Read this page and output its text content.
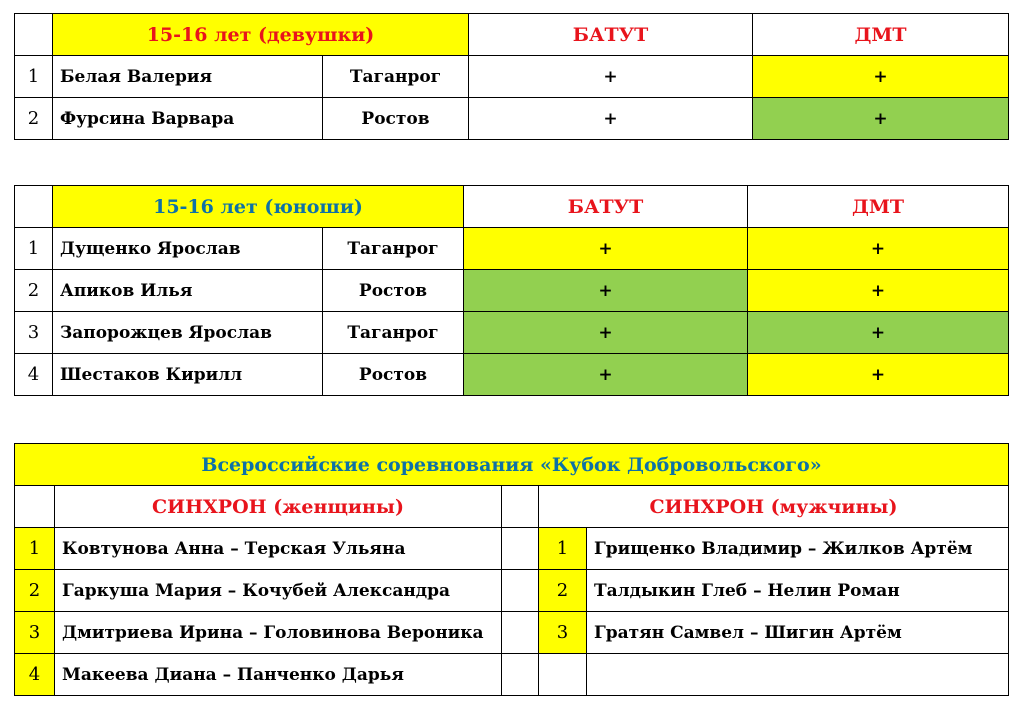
	15-16 лет (девушки)		БАТУТ	ДМТ
1	Белая Валерия	Таганрог	+	+
2	Фурсина Варвара	Ростов	+	+
	15-16 лет (юноши)		БАТУТ	ДМТ
1	Дущенко Ярослав	Таганрог	+	+
2	Апиков Илья	Ростов	+	+
3	Запорожцев Ярослав	Таганрог	+	+
4	Шестаков Кирилл	Ростов	+	+
Всероссийские соревнования «Кубок Добровольского»				
	СИНХРОН (женщины)		СИНХРОН (мужчины)	
1	Ковтунова Анна – Терская Ульяна		1	Грищенко Владимир – Жилков Артём
2	Гаркуша Мария – Кочубей Александра		2	Талдыкин Глеб – Нелин Роман
3	Дмитриева Ирина – Головинова Вероника		3	Гратян Самвел – Шигин Артём
4	Макеева Диана – Панченко Дарья			
